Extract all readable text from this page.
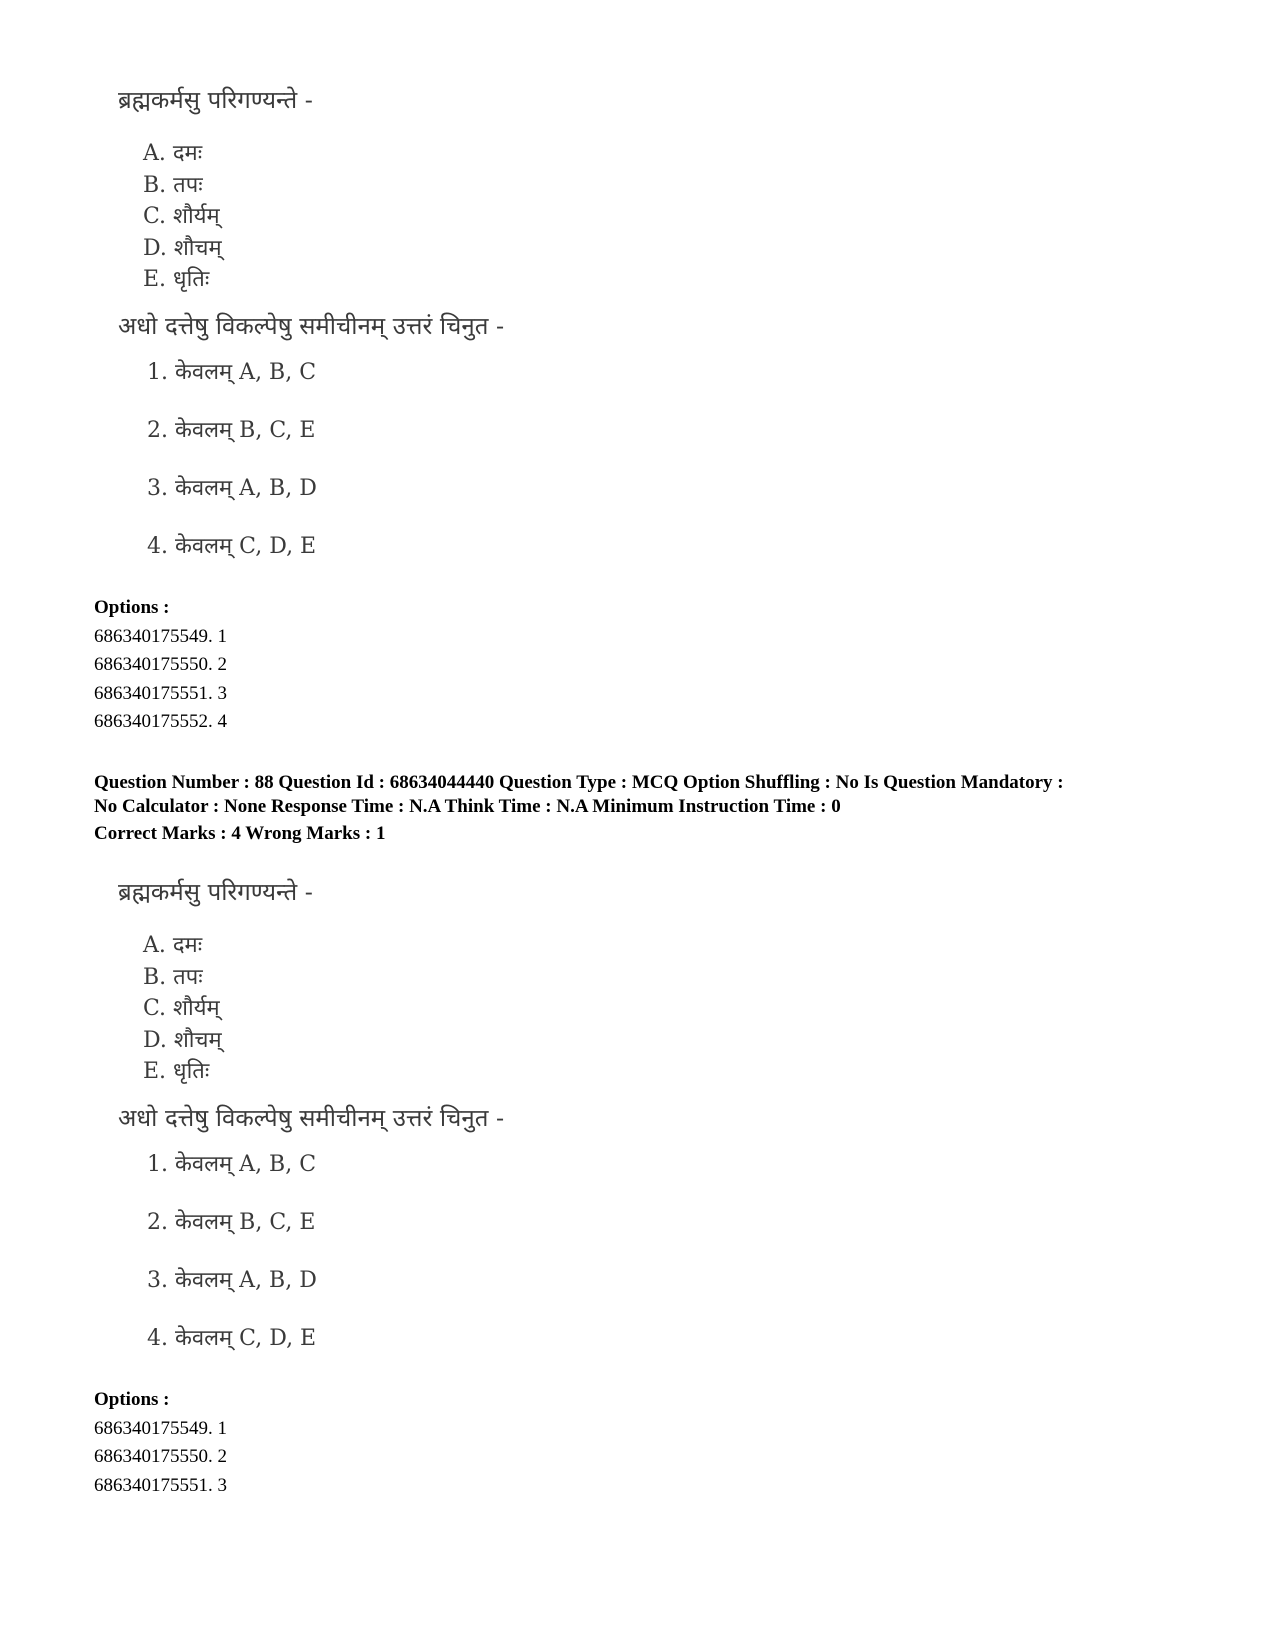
ब्रह्मकर्मसु परिगण्यन्ते -
A. दमः
B. तपः
C. शौर्यम्
D. शौचम्
E. धृतिः
अधो दत्तेषु विकल्पेषु समीचीनम् उत्तरं चिनुत -
1. केवलम् A, B, C
2. केवलम् B, C, E
3. केवलम् A, B, D
4. केवलम् C, D, E
Options :
686340175549. 1
686340175550. 2
686340175551. 3
686340175552. 4
Question Number : 88 Question Id : 68634044440 Question Type : MCQ Option Shuffling : No Is Question Mandatory :
No Calculator : None Response Time : N.A Think Time : N.A Minimum Instruction Time : 0
Correct Marks : 4 Wrong Marks : 1
ब्रह्मकर्मसु परिगण्यन्ते -
A. दमः
B. तपः
C. शौर्यम्
D. शौचम्
E. धृतिः
अधो दत्तेषु विकल्पेषु समीचीनम् उत्तरं चिनुत -
1. केवलम् A, B, C
2. केवलम् B, C, E
3. केवलम् A, B, D
4. केवलम् C, D, E
Options :
686340175549. 1
686340175550. 2
686340175551. 3
